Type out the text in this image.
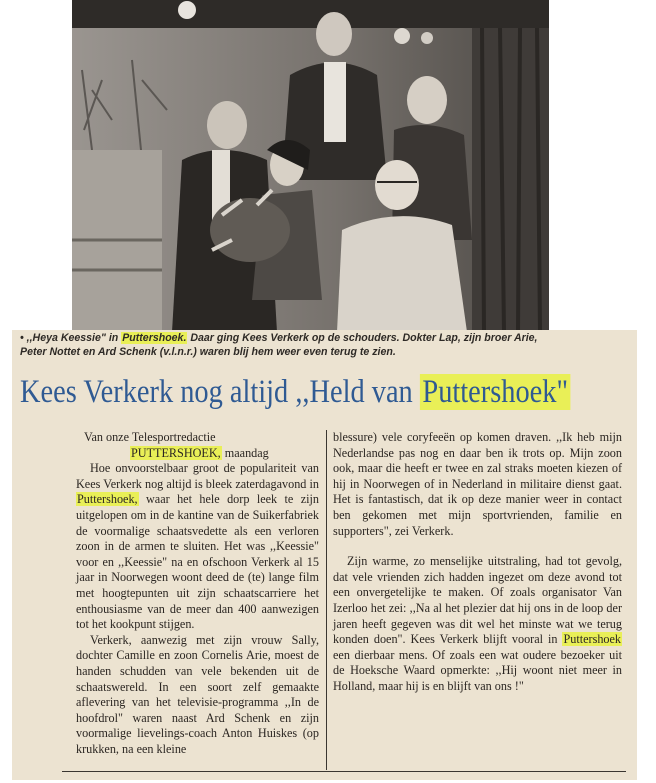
• ,,Heya Keessie" in Puttershoek. Daar ging Kees Verkerk op de schouders. Dokter Lap, zijn broer Arie,
Peter Nottet en Ard Schenk (v.l.n.r.) waren blij hem weer even terug te zien.
Kees Verkerk nog altijd ,,Held van Puttershoek"

Van onze Telesportredactie

PUTTERSHOEK, maandag

Hoe onvoorstelbaar groot de populariteit van Kees Verkerk nog altijd is bleek zaterdagavond in Puttershoek, waar het hele dorp leek te zijn uitgelopen om in de kantine van de Suikerfabriek de voormalige schaatsvedette als een verloren zoon in de armen te sluiten. Het was ,,Keessie" voor en ,,Keessie" na en ofschoon Verkerk al 15 jaar in Noorwegen woont deed de (te) lange film met hoogtepunten uit zijn schaatscarriere het enthousiasme van de meer dan 400 aanwezigen tot het kookpunt stijgen.

Verkerk, aanwezig met zijn vrouw Sally, dochter Camille en zoon Cornelis Arie, moest de handen schudden van vele bekenden uit de schaatswereld. In een soort zelf gemaakte aflevering van het televisie-programma ,,In de hoofdrol" waren naast Ard Schenk en zijn voormalige lievelings-coach Anton Huiskes (op krukken, na een kleine

blessure) vele coryfeeën op komen draven. ,,Ik heb mijn Nederlandse pas nog en daar ben ik trots op. Mijn zoon ook, maar die heeft er twee en zal straks moeten kiezen of hij in Noorwegen of in Nederland in militaire dienst gaat. Het is fantastisch, dat ik op deze manier weer in contact ben gekomen met mijn sportvrienden, familie en supporters", zei Verkerk.

Zijn warme, zo menselijke uitstraling, had tot gevolg, dat vele vrienden zich hadden ingezet om deze avond tot een onvergetelijke te maken. Of zoals organisator Van Izerloo het zei: ,,Na al het plezier dat hij ons in de loop der jaren heeft gegeven was dit wel het minste wat we terug konden doen". Kees Verkerk blijft vooral in Puttershoek een dierbaar mens. Of zoals een wat oudere bezoeker uit de Hoeksche Waard opmerkte: ,,Hij woont niet meer in Holland, maar hij is en blijft van ons !"
